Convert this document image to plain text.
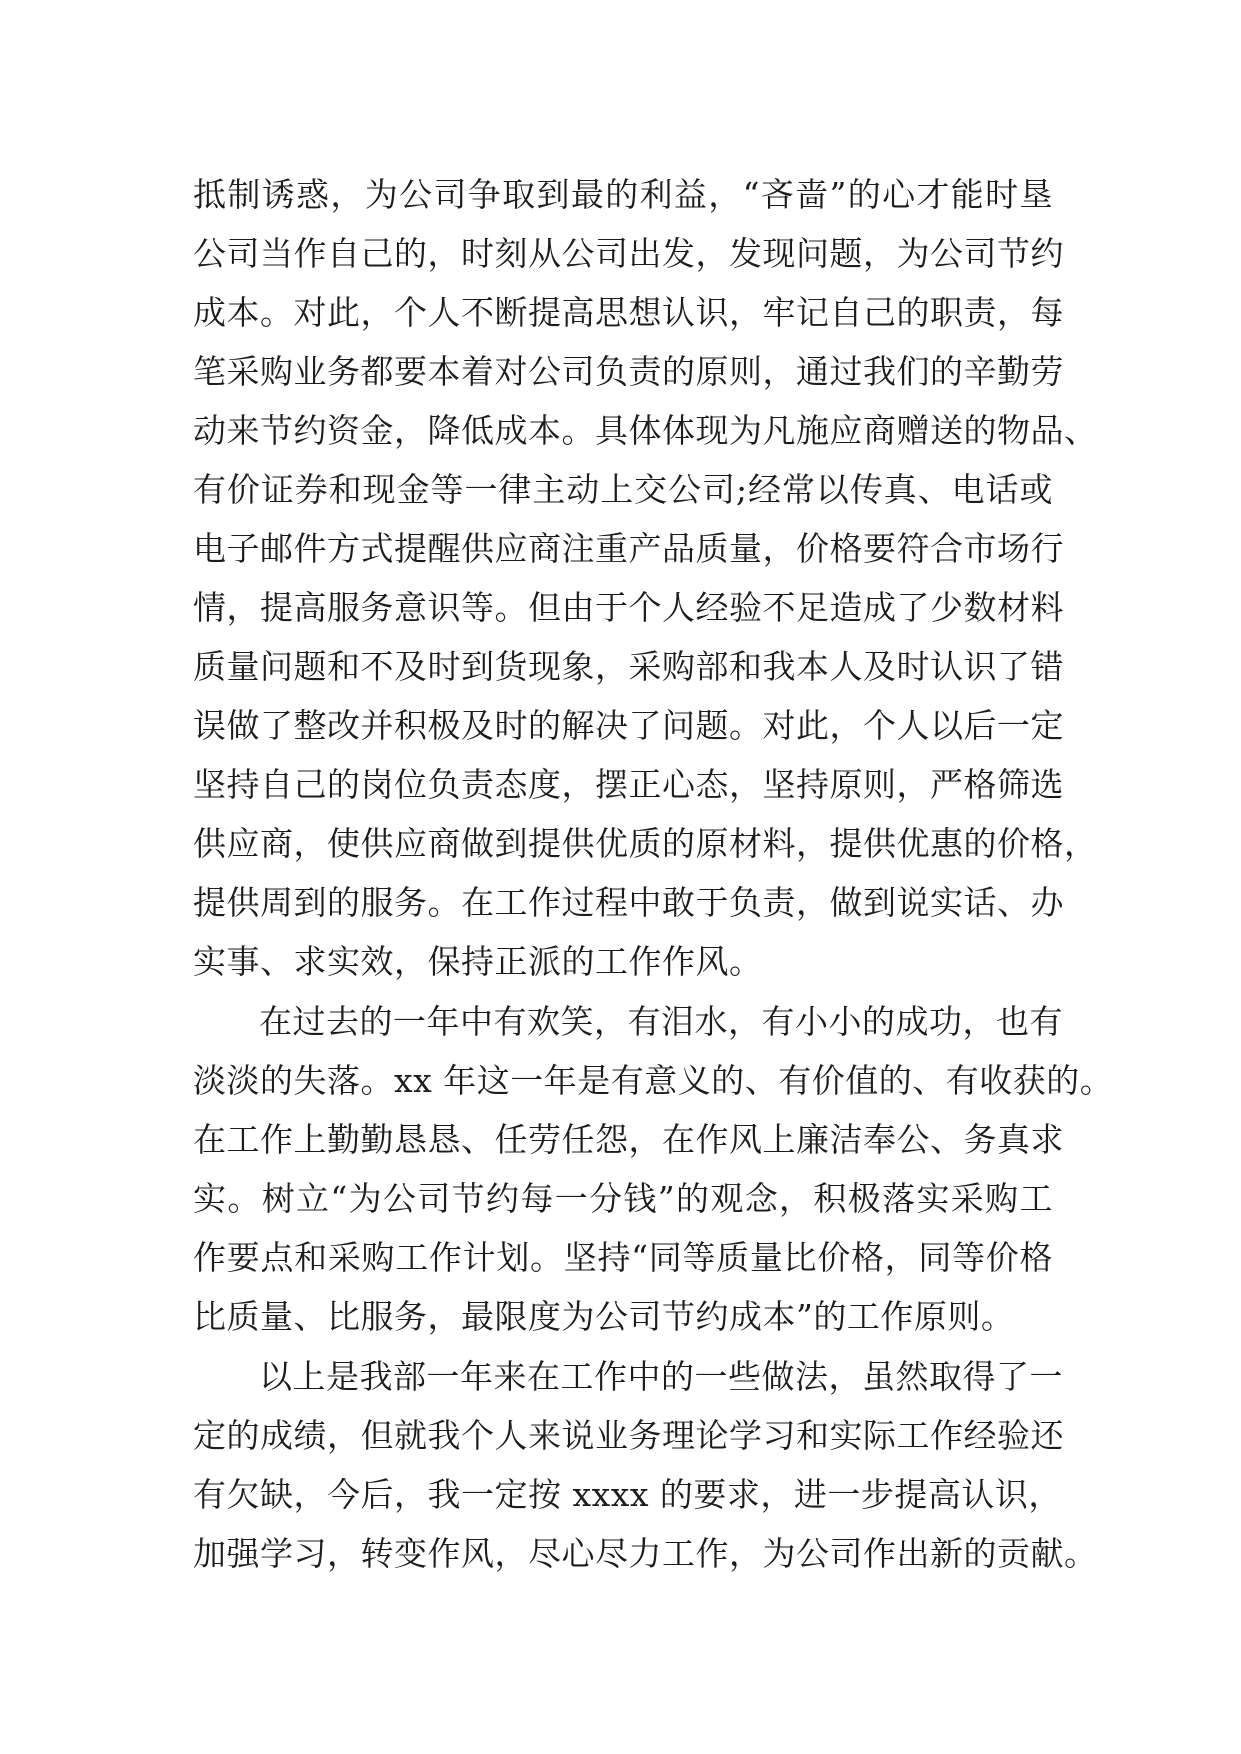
抵制诱惑，为公司争取到最的利益，“吝啬”的心才能时垦
公司当作自己的，时刻从公司出发，发现问题，为公司节约
成本。对此，个人不断提高思想认识，牢记自己的职责，每
笔采购业务都要本着对公司负责的原则，通过我们的辛勤劳
动来节约资金，降低成本。具体体现为凡施应商赠送的物品、
有价证券和现金等一律主动上交公司;经常以传真、电话或
电子邮件方式提醒供应商注重产品质量，价格要符合市场行
情，提高服务意识等。但由于个人经验不足造成了少数材料
质量问题和不及时到货现象，采购部和我本人及时认识了错
误做了整改并积极及时的解决了问题。对此，个人以后一定
坚持自己的岗位负责态度，摆正心态，坚持原则，严格筛选
供应商，使供应商做到提供优质的原材料，提供优惠的价格，
提供周到的服务。在工作过程中敢于负责，做到说实话、办
实事、求实效，保持正派的工作作风。
在过去的一年中有欢笑，有泪水，有小小的成功，也有
淡淡的失落。xx 年这一年是有意义的、有价值的、有收获的。
在工作上勤勤恳恳、任劳任怨，在作风上廉洁奉公、务真求
实。树立“为公司节约每一分钱”的观念，积极落实采购工
作要点和采购工作计划。坚持“同等质量比价格，同等价格
比质量、比服务，最限度为公司节约成本”的工作原则。
以上是我部一年来在工作中的一些做法，虽然取得了一
定的成绩，但就我个人来说业务理论学习和实际工作经验还
有欠缺，今后，我一定按 xxxx 的要求，进一步提高认识，
加强学习，转变作风，尽心尽力工作，为公司作出新的贡献。
